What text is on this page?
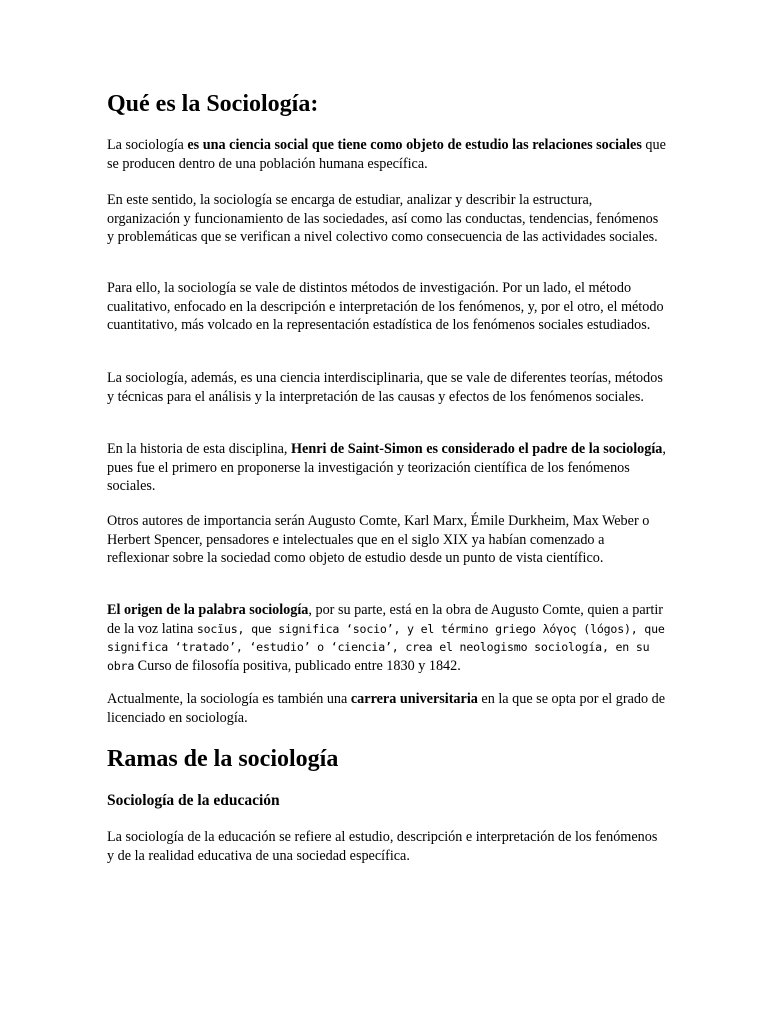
Qué es la Sociología:

La sociología es una ciencia social que tiene como objeto de estudio las relaciones sociales que se producen dentro de una población humana específica.

En este sentido, la sociología se encarga de estudiar, analizar y describir la estructura, organización y funcionamiento de las sociedades, así como las conductas, tendencias, fenómenos y problemáticas que se verifican a nivel colectivo como consecuencia de las actividades sociales.

Para ello, la sociología se vale de distintos métodos de investigación. Por un lado, el método cualitativo, enfocado en la descripción e interpretación de los fenómenos, y, por el otro, el método cuantitativo, más volcado en la representación estadística de los fenómenos sociales estudiados.

La sociología, además, es una ciencia interdisciplinaria, que se vale de diferentes teorías, métodos y técnicas para el análisis y la interpretación de las causas y efectos de los fenómenos sociales.

En la historia de esta disciplina, Henri de Saint-Simon es considerado el padre de la sociología, pues fue el primero en proponerse la investigación y teorización científica de los fenómenos sociales.

Otros autores de importancia serán Augusto Comte, Karl Marx, Émile Durkheim, Max Weber o Herbert Spencer, pensadores e intelectuales que en el siglo XIX ya habían comenzado a reflexionar sobre la sociedad como objeto de estudio desde un punto de vista científico.

El origen de la palabra sociología, por su parte, está en la obra de Augusto Comte, quien a partir de la voz latina socĭus, que significa ‘socio’, y el término griego λόγος (lógos), que significa ‘tratado’, ‘estudio’ o ‘ciencia’, crea el neologismo sociología, en su obra Curso de filosofía positiva, publicado entre 1830 y 1842.

Actualmente, la sociología es también una carrera universitaria en la que se opta por el grado de licenciado en sociología.

Ramas de la sociología
Sociología de la educación

La sociología de la educación se refiere al estudio, descripción e interpretación de los fenómenos y de la realidad educativa de una sociedad específica.
